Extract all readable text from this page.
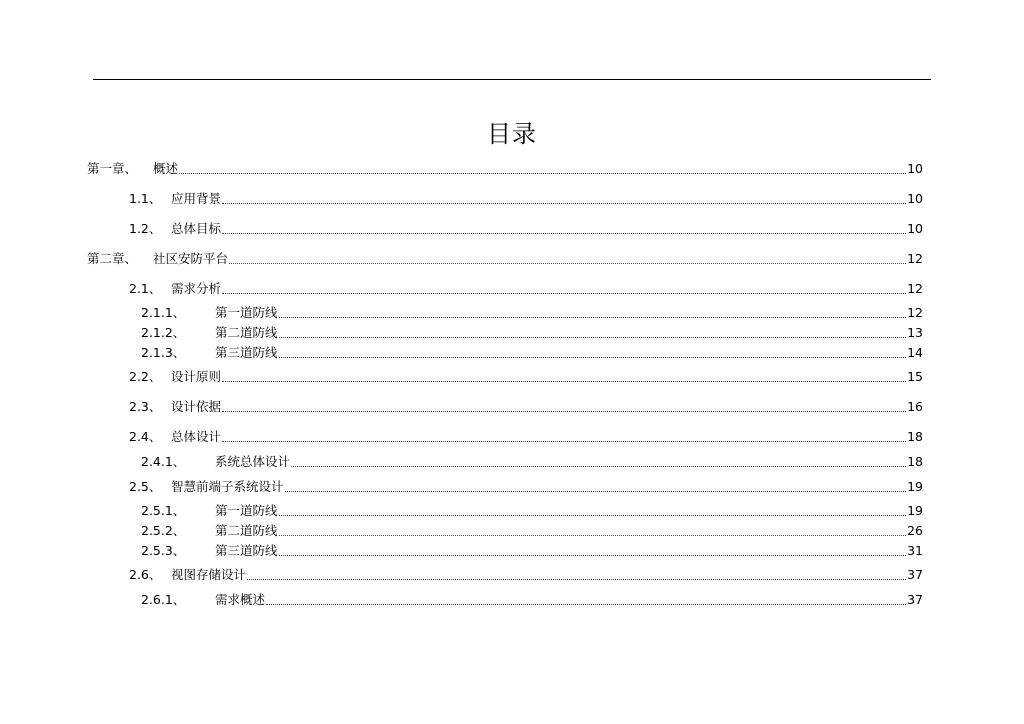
目录
第一章、	概述	10
1.1、 应用背景	10
1.2、 总体目标	10
第二章、	社区安防平台	12
2.1、 需求分析	12
2.1.1、	第一道防线	12
2.1.2、	第二道防线	13
2.1.3、	第三道防线	14
2.2、 设计原则	15
2.3、 设计依据	16
2.4、 总体设计	18
2.4.1、	系统总体设计	18
2.5、 智慧前端子系统设计	19
2.5.1、	第一道防线	19
2.5.2、	第二道防线	26
2.5.3、	第三道防线	31
2.6、 视图存储设计	37
2.6.1、	需求概述	37
